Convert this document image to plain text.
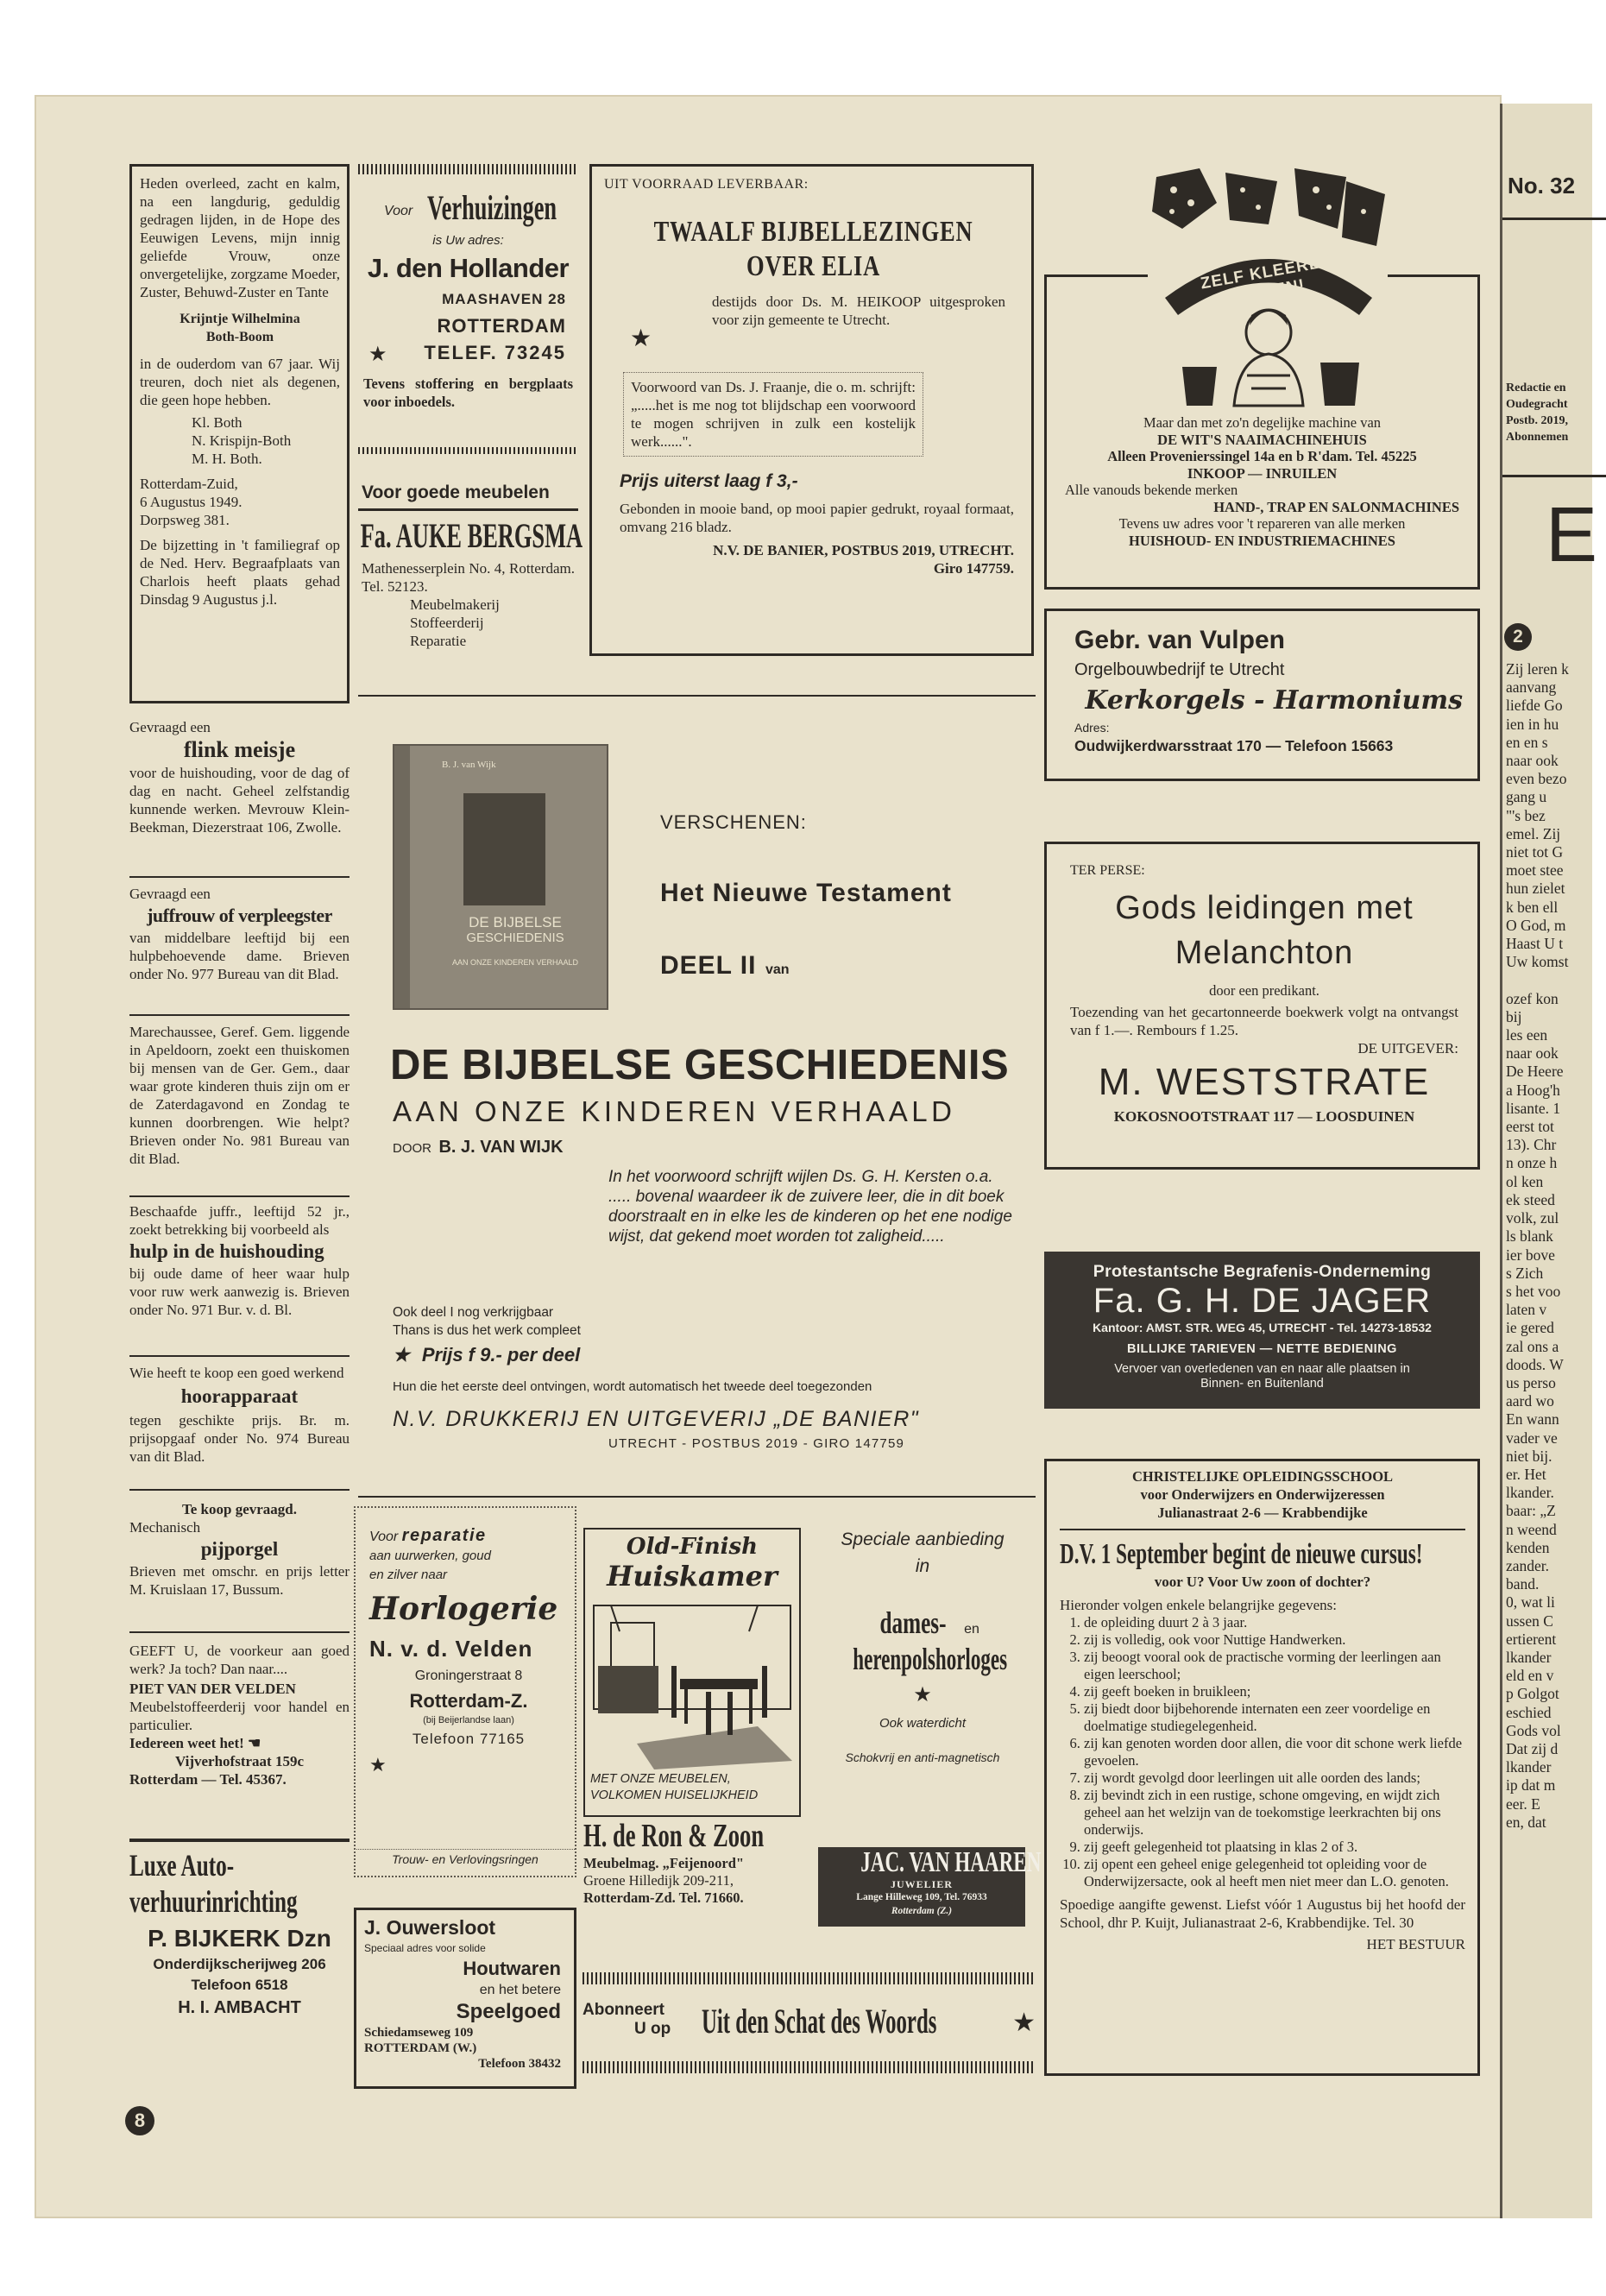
No. 32
Redactie en
Oudegracht
Postb. 2019,
Abonnemen
E
2
Zij leren k
aanvang
liefde Go
ien in hu
en en s
naar ook
even bezo
gang u
"'s bez
emel. Zij
niet tot G
moet stee
hun zielet
k ben ell
O God, m
Haast U t
Uw komst

ozef kon
bij
les een
naar ook
De Heere
a Hoog'h
lisante. 1
eerst tot
13). Chr
n onze h
ol ken
ek steed
volk, zul
ls blank
ier bove
s Zich
s het voo
laten v
ie gered
zal ons a
doods. W
us perso
aard wo
En wann
vader ve
niet bij.
er. Het
lkander.
baar: „Z
n weend
kenden
zander.
band.
0, wat li
ussen C
ertierent
lkander
eld en v
p Golgot
eschied
Gods vol
Dat zij d
lkander
ip dat m
eer. E
en, dat

Heden overleed, zacht en kalm, na een langdurig, geduldig gedragen lijden, in de Hope des Eeuwigen Levens, mijn innig geliefde Vrouw, onze onvergetelijke, zorgzame Moeder, Zuster, Behuwd-Zuster en Tante

Krijntje Wilhelmina

Both-Boom

in de ouderdom van 67 jaar. Wij treuren, doch niet als degenen, die geen hope hebben.

Kl. Both
N. Krispijn-Both
M. H. Both.

Rotterdam-Zuid,

6 Augustus 1949.

Dorpsweg 381.

De bijzetting in 't familiegraf op de Ned. Herv. Begraafplaats van Charlois heeft plaats gehad Dinsdag 9 Augustus j.l.

Gevraagd een

flink meisje

voor de huishouding, voor de dag of dag en nacht. Geheel zelfstandig kunnende werken. Mevrouw Klein-Beekman, Diezerstraat 106, Zwolle.

Gevraagd een

juffrouw of verpleegster

van middelbare leeftijd bij een hulpbehoevende dame. Brieven onder No. 977 Bureau van dit Blad.

Marechaussee, Geref. Gem. liggende in Apeldoorn, zoekt een thuiskomen bij mensen van de Ger. Gem., daar waar grote kinderen thuis zijn om er de Zaterdagavond en Zondag te kunnen doorbrengen. Wie helpt? Brieven onder No. 981 Bureau van dit Blad.

Beschaafde juffr., leeftijd 52 jr., zoekt betrekking bij voorbeeld als

hulp in de huishouding

bij oude dame of heer waar hulp voor ruw werk aanwezig is. Brieven onder No. 971 Bur. v. d. Bl.

Wie heeft te koop een goed werkend

hoorapparaat

tegen geschikte prijs. Br. m. prijsopgaaf onder No. 974 Bureau van dit Blad.

Te koop gevraagd.

Mechanisch

pijporgel

Brieven met omschr. en prijs letter M. Kruislaan 17, Bussum.

GEEFT U, de voorkeur aan goed werk? Ja toch? Dan naar....

PIET VAN DER VELDEN

Meubelstoffeerderij voor handel en particulier.

Iedereen weet het! ☚

Vijverhofstraat 159c

Rotterdam — Tel. 45367.

Luxe Auto-
verhuurinrichting
P. BIJKERK Dzn
Onderdijkscherijweg 206
Telefoon 6518
H. I. AMBACHT
8
Voor Verhuizingen
is Uw adres:
J. den Hollander
MAASHAVEN 28
ROTTERDAM
★ TELEF. 73245
Tevens stoffering en bergplaats voor inboedels.
Voor goede meubelen
Fa. AUKE BERGSMA
Mathenesserplein No. 4, Rotterdam. Tel. 52123.
Meubelmakerij
Stoffeerderij
Reparatie
UIT VOORRAAD LEVERBAAR:
TWAALF BIJBELLEZINGEN
OVER ELIA
★
destijds door Ds. M. HEIKOOP uitgesproken voor zijn gemeente te Utrecht.
Voorwoord van Ds. J. Fraanje, die o. m. schrijft: „.....het is me nog tot blijdschap een voorwoord te mogen schrijven in zulk een kostelijk werk......".
Prijs uiterst laag f 3,-
Gebonden in mooie band, op mooi papier gedrukt, royaal formaat, omvang 216 bladz.
N.V. DE BANIER, POSTBUS 2019, UTRECHT.
Giro 147759.
ZELF KLEEREN MAKEN!
Maar dan met zo'n degelijke machine van
DE WIT'S NAAIMACHINEHUIS
Alleen Provenierssingel 14a en b R'dam. Tel. 45225
INKOOP — INRUILEN
Alle vanouds bekende merken
HAND-, TRAP EN SALONMACHINES
Tevens uw adres voor 't repareren van alle merken
HUISHOUD- EN INDUSTRIEMACHINES
Gebr. van Vulpen
Orgelbouwbedrijf te Utrecht
Kerkorgels - Harmoniums
Adres:
Oudwijkerdwarsstraat 170 — Telefoon 15663
B. J. van Wijk
DE BIJBELSE
GESCHIEDENIS
AAN ONZE KINDEREN VERHAALD
VERSCHENEN:
Het Nieuwe Testament
DEEL II van
DE BIJBELSE GESCHIEDENIS
AAN ONZE KINDEREN VERHAALD
DOOR B. J. VAN WIJK
In het voorwoord schrijft wijlen Ds. G. H. Kersten o.a. ..... bovenal waardeer ik de zuivere leer, die in dit boek doorstraalt en in elke les de kinderen op het ene nodige wijst, dat gekend moet worden tot zaligheid.....
Ook deel I nog verkrijgbaar
Thans is dus het werk compleet
★ Prijs f 9.- per deel
Hun die het eerste deel ontvingen, wordt automatisch het tweede deel toegezonden
N.V. DRUKKERIJ EN UITGEVERIJ „DE BANIER"
UTRECHT - POSTBUS 2019 - GIRO 147759
TER PERSE:
Gods leidingen met
Melanchton
door een predikant.
Toezending van het gecartonneerde boekwerk volgt na ontvangst van f 1.—. Rembours f 1.25.
DE UITGEVER:
M. WESTSTRATE
KOKOSNOOTSTRAAT 117 — LOOSDUINEN
Protestantsche Begrafenis-Onderneming
Fa. G. H. DE JAGER
Kantoor: AMST. STR. WEG 45, UTRECHT - Tel. 14273-18532
BILLIJKE TARIEVEN — NETTE BEDIENING
Vervoer van overledenen van en naar alle plaatsen in Binnen- en Buitenland
CHRISTELIJKE OPLEIDINGSSCHOOL
voor Onderwijzers en Onderwijzeressen
Julianastraat 2-6 — Krabbendijke
D.V. 1 September begint de nieuwe cursus!
voor U? Voor Uw zoon of dochter?
Hieronder volgen enkele belangrijke gegevens:
1. de opleiding duurt 2 à 3 jaar.
2. zij is volledig, ook voor Nuttige Handwerken.
3. zij beoogt vooral ook de practische vorming der leerlingen aan eigen leerschool;
4. zij geeft boeken in bruikleen;
5. zij biedt door bijbehorende internaten een zeer voordelige en doelmatige studiegelegenheid.
6. zij kan genoten worden door allen, die voor dit schone werk liefde gevoelen.
7. zij wordt gevolgd door leerlingen uit alle oorden des lands;
8. zij bevindt zich in een rustige, schone omgeving, en wijdt zich geheel aan het welzijn van de toekomstige leerkrachten bij ons onderwijs.
9. zij geeft gelegenheid tot plaatsing in klas 2 of 3.
10. zij opent een geheel enige gelegenheid tot opleiding voor de Onderwijzersacte, ook al heeft men niet meer dan L.O. genoten.
Spoedige aangifte gewenst. Liefst vóór 1 Augustus bij het hoofd der School, dhr P. Kuijt, Julianastraat 2-6, Krabbendijke. Tel. 30
HET BESTUUR
Voor reparatie
aan uurwerken, goud
en zilver naar
Horlogerie
N. v. d. Velden
Groningerstraat 8
Rotterdam-Z.
(bij Beijerlandse laan)
Telefoon 77165
★
Trouw- en Verlovingsringen
J. Ouwersloot
Speciaal adres voor solide
Houtwaren
en het betere
Speelgoed
Schiedamseweg 109
ROTTERDAM (W.)
Telefoon 38432
Old-Finish
Huiskamer
MET ONZE MEUBELEN,
VOLKOMEN HUISELIJKHEID
H. de Ron & Zoon
Meubelmag. „Feijenoord"
Groene Hilledijk 209-211,
Rotterdam-Zd. Tel. 71660.
Speciale aanbieding
in
dames- en
herenpolshorloges
★
Ook waterdicht
Schokvrij en anti-magnetisch
JAC. VAN HAAREN
JUWELIER
Lange Hilleweg 109, Tel. 76933
Rotterdam (Z.)
Abonneert
U op Uit den Schat des Woords	★
